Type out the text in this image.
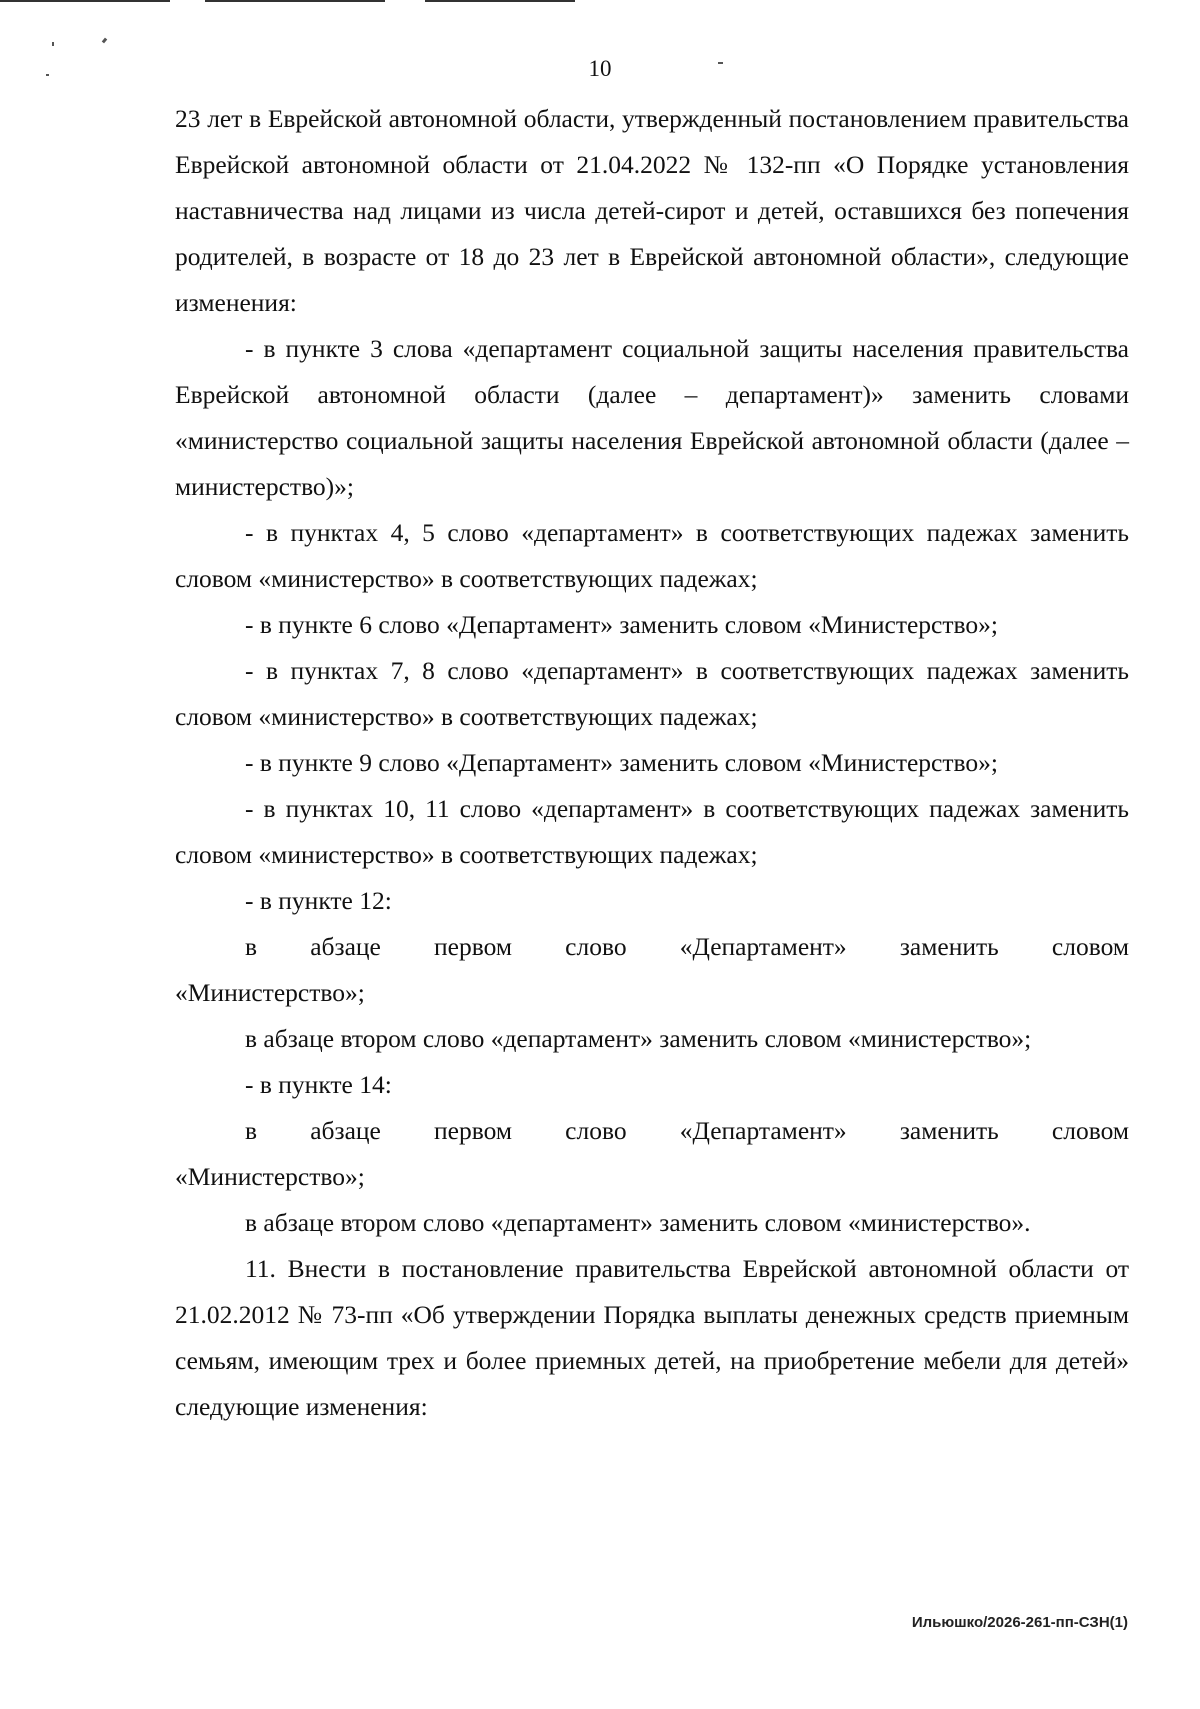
10

23 лет в Еврейской автономной области, утвержденный постановлением правительства Еврейской автономной области от 21.04.2022 № 132-пп «О Порядке установления наставничества над лицами из числа детей-сирот и детей, оставшихся без попечения родителей, в возрасте от 18 до 23 лет в Еврейской автономной области», следующие изменения:

- в пункте 3 слова «департамент социальной защиты населения правительства Еврейской автономной области (далее – департамент)» заменить словами «министерство социальной защиты населения Еврейской автономной области (далее – министерство)»;

- в пунктах 4, 5 слово «департамент» в соответствующих падежах заменить словом «министерство» в соответствующих падежах;

- в пункте 6 слово «Департамент» заменить словом «Министерство»;

- в пунктах 7, 8 слово «департамент» в соответствующих падежах заменить словом «министерство» в соответствующих падежах;

- в пункте 9 слово «Департамент» заменить словом «Министерство»;

- в пунктах 10, 11 слово «департамент» в соответствующих падежах заменить словом «министерство» в соответствующих падежах;

- в пункте 12:

в абзаце первом слово «Департамент» заменить словом

«Министерство»;

в абзаце втором слово «департамент» заменить словом «министерство»;

- в пункте 14:

в абзаце первом слово «Департамент» заменить словом

«Министерство»;

в абзаце втором слово «департамент» заменить словом «министерство».

11. Внести в постановление правительства Еврейской автономной области от 21.02.2012 № 73-пп «Об утверждении Порядка выплаты денежных средств приемным семьям, имеющим трех и более приемных детей, на приобретение мебели для детей» следующие изменения:

Ильюшко/2026-261-пп-СЗН(1)
